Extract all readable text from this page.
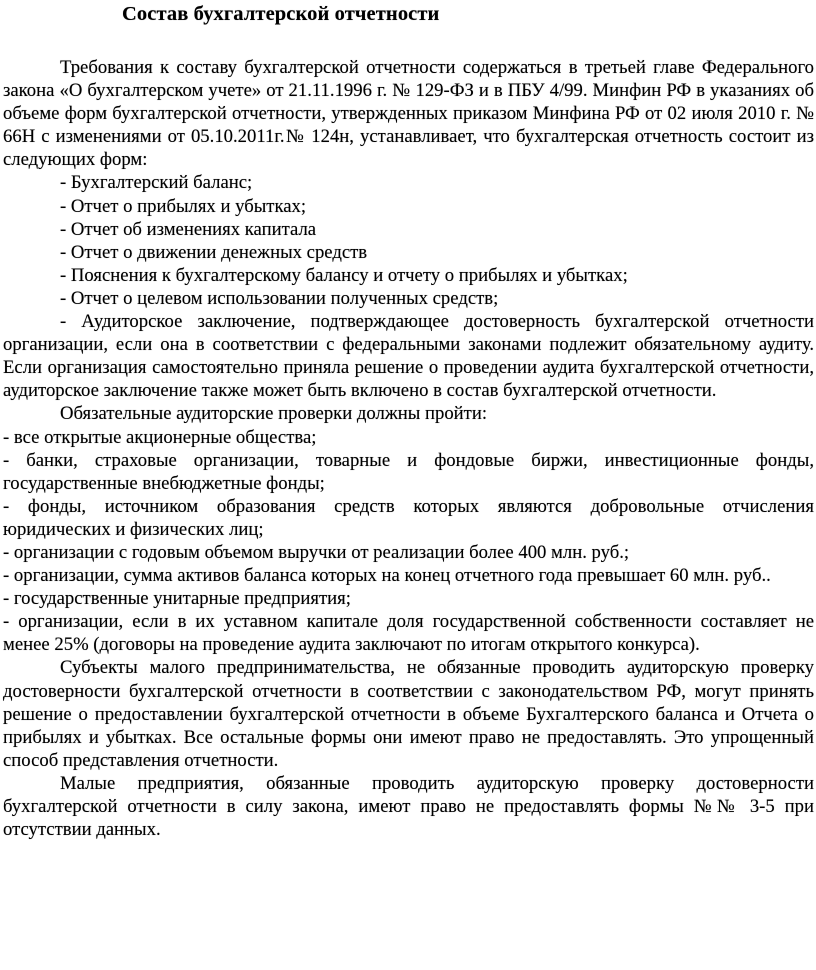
Состав бухгалтерской отчетности

Требования к составу бухгалтерской отчетности содержаться в третьей главе Федерального закона «О бухгалтерском учете» от 21.11.1996 г. № 129-ФЗ и в ПБУ 4/99. Минфин РФ в указаниях об объеме форм бухгалтерской отчетности, утвержденных приказом Минфина РФ от 02 июля 2010 г. № 66Н с изменениями от 05.10.2011г.№ 124н, устанавливает, что бухгалтерская отчетность состоит из следующих форм:

- Бухгалтерский баланс;

- Отчет о прибылях и убытках;

- Отчет об изменениях капитала

- Отчет о движении денежных средств

- Пояснения к бухгалтерскому балансу и отчету о прибылях и убытках;

- Отчет о целевом использовании полученных средств;

- Аудиторское заключение, подтверждающее достоверность бухгалтерской отчетности организации, если она в соответствии с федеральными законами подлежит обязательному аудиту. Если организация самостоятельно приняла решение о проведении аудита бухгалтерской отчетности, аудиторское заключение также может быть включено в состав бухгалтерской отчетности.

Обязательные аудиторские проверки должны пройти:

- все открытые акционерные общества;

- банки, страховые организации, товарные и фондовые биржи, инвестиционные фонды, государственные внебюджетные фонды;

- фонды, источником образования средств которых являются добровольные отчисления юридических и физических лиц;

- организации с годовым объемом выручки от реализации более 400 млн. руб.;

- организации, сумма активов баланса которых на конец отчетного года превышает 60 млн. руб..

- государственные унитарные предприятия;

- организации, если в их уставном капитале доля государственной собственности составляет не менее 25% (договоры на проведение аудита заключают по итогам открытого конкурса).

Субъекты малого предпринимательства, не обязанные проводить аудиторскую проверку достоверности бухгалтерской отчетности в соответствии с законодательством РФ, могут принять решение о предоставлении бухгалтерской отчетности в объеме Бухгалтерского баланса и Отчета о прибылях и убытках. Все остальные формы они имеют право не предоставлять. Это упрощенный способ представления отчетности.

Малые предприятия, обязанные проводить аудиторскую проверку достоверности бухгалтерской отчетности в силу закона, имеют право не предоставлять формы №№ 3-5 при отсутствии данных.
